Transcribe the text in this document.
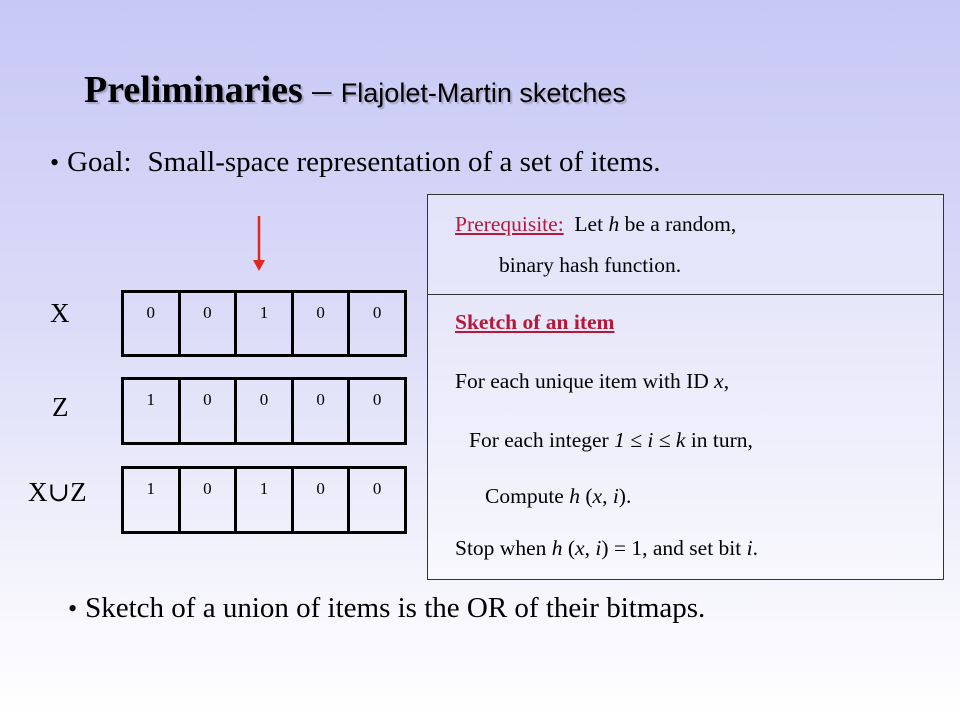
Preliminaries – Flajolet-Martin sketches
• Goal: Small-space representation of a set of items.
X	0	0	1	0	0
Z	1	0	0	0	0
X∪Z	1	0	1	0	0
Prerequisite:  Let h be a random,
binary hash function.
Sketch of an item
For each unique item with ID x,
For each integer 1 ≤ i ≤ k in turn,
Compute h (x, i).
Stop when h (x, i) = 1, and set bit i.
• Sketch of a union of items is the OR of their bitmaps.
